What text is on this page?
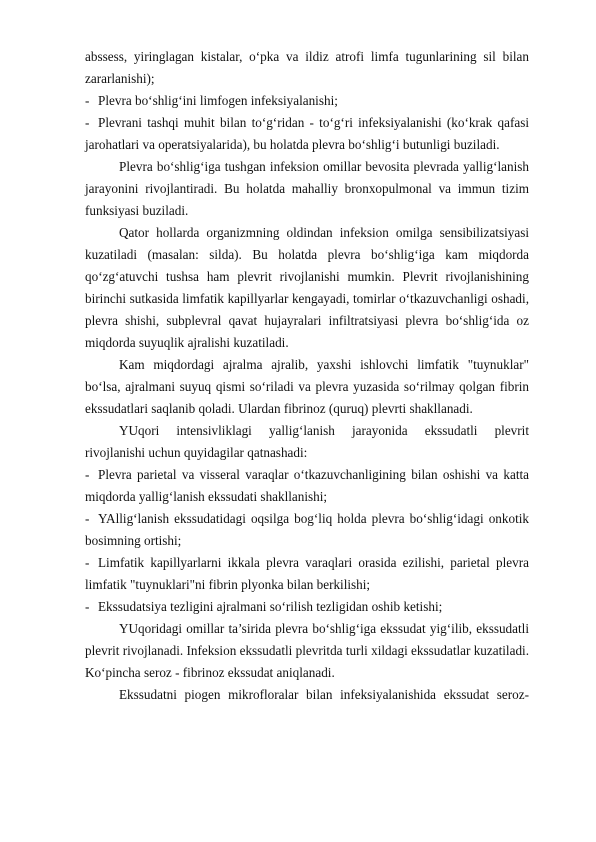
abssess, yiringlagan kistalar, o‘pka va ildiz atrofi limfa tugunlarining sil bilan zararlanishi);

- Plevra bo‘shlig‘ini limfogen infeksiyalanishi;

- Plevrani tashqi muhit bilan to‘g‘ridan - to‘g‘ri infeksiyalanishi (ko‘krak qafasi jarohatlari va operatsiyalarida), bu holatda plevra bo‘shlig‘i butunligi buziladi.

Plevra bo‘shlig‘iga tushgan infeksion omillar bevosita plevrada yallig‘lanish jarayonini rivojlantiradi. Bu holatda mahalliy bronxopulmonal va immun tizim funksiyasi buziladi.

Qator hollarda organizmning oldindan infeksion omilga sensibilizatsiyasi kuzatiladi (masalan: silda). Bu holatda plevra bo‘shlig‘iga kam miqdorda qo‘zg‘atuvchi tushsa ham plevrit rivojlanishi mumkin. Plevrit rivojlanishining birinchi sutkasida limfatik kapillyarlar kengayadi, tomirlar o‘tkazuvchanligi oshadi, plevra shishi, subplevral qavat hujayralari infiltratsiyasi plevra bo‘shlig‘ida oz miqdorda suyuqlik ajralishi kuzatiladi.

Kam miqdordagi ajralma ajralib, yaxshi ishlovchi limfatik "tuynuklar" bo‘lsa, ajralmani suyuq qismi so‘riladi va plevra yuzasida so‘rilmay qolgan fibrin ekssudatlari saqlanib qoladi. Ulardan fibrinoz (quruq) plevrti shakllanadi.

YUqori intensivliklagi yallig‘lanish jarayonida ekssudatli plevrit

rivojlanishi uchun quyidagilar qatnashadi:

- Plevra parietal va visseral varaqlar o‘tkazuvchanligining bilan oshishi va katta miqdorda yallig‘lanish ekssudati shakllanishi;

- YAllig‘lanish ekssudatidagi oqsilga bog‘liq holda plevra bo‘shlig‘idagi onkotik bosimning ortishi;

- Limfatik kapillyarlarni ikkala plevra varaqlari orasida ezilishi, parietal plevra limfatik "tuynuklari"ni fibrin plyonka bilan berkilishi;

- Ekssudatsiya tezligini ajralmani so‘rilish tezligidan oshib ketishi;

YUqoridagi omillar ta’sirida plevra bo‘shlig‘iga ekssudat yig‘ilib, ekssudatli plevrit rivojlanadi. Infeksion ekssudatli plevritda turli xildagi ekssudatlar kuzatiladi. Ko‘pincha seroz - fibrinoz ekssudat aniqlanadi.

Ekssudatni piogen mikrofloralar bilan infeksiyalanishida ekssudat seroz-
